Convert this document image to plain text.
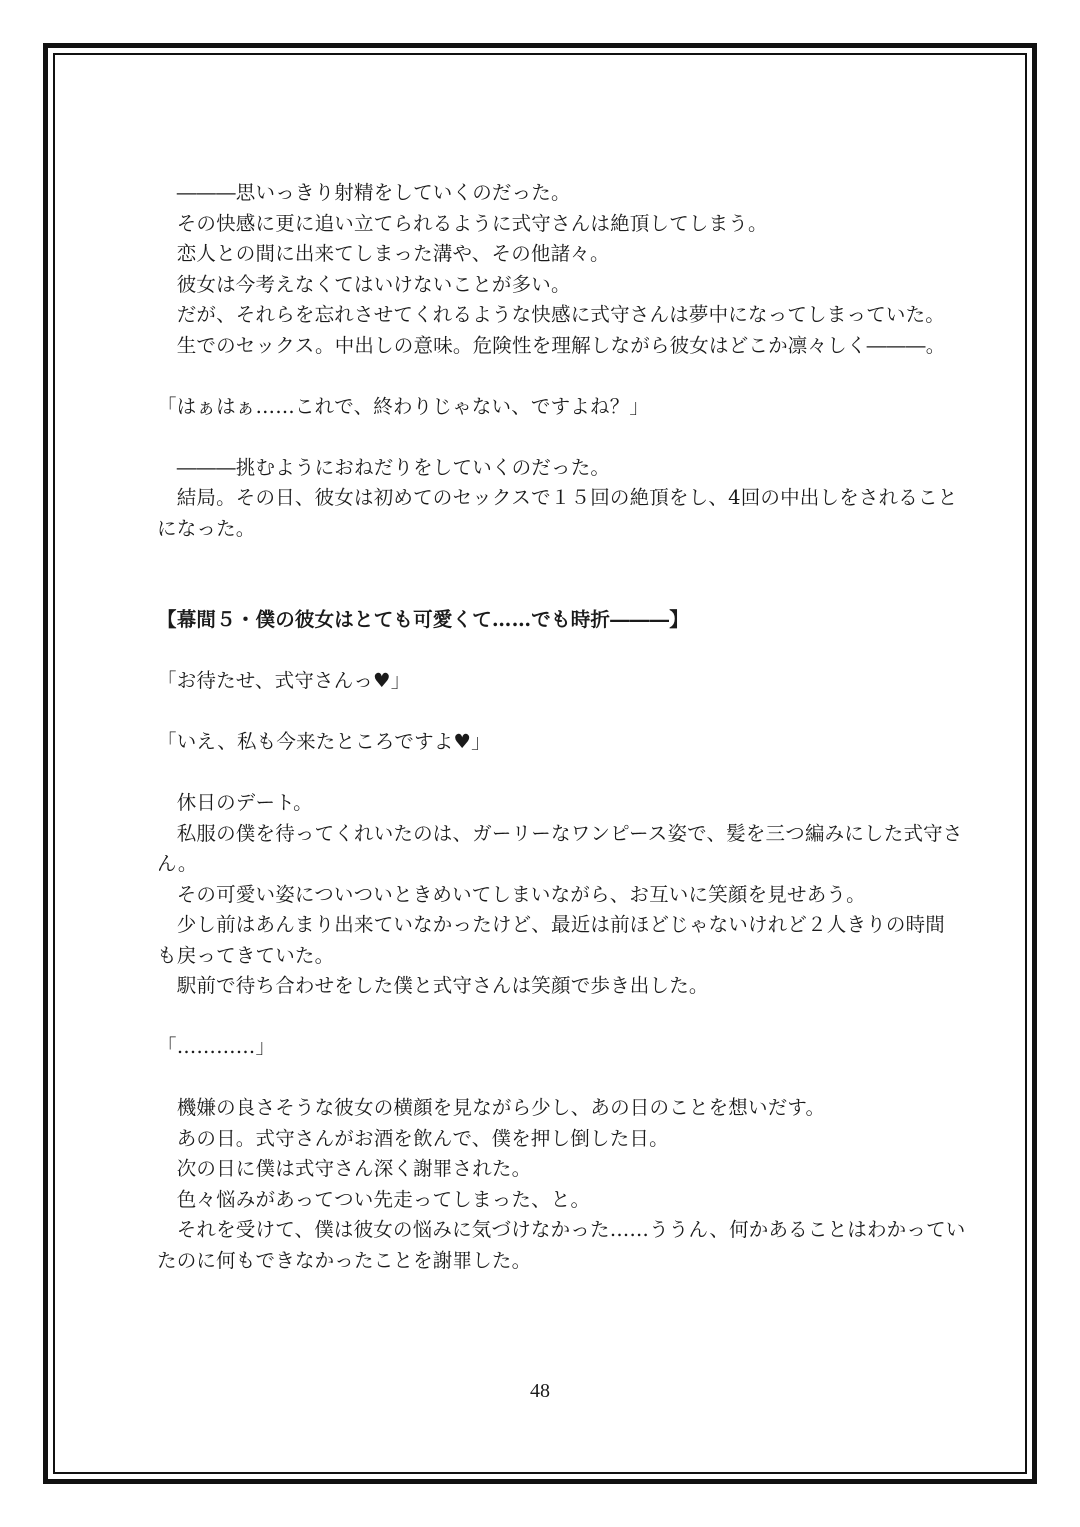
　―――思いっきり射精をしていくのだった。
　その快感に更に追い立てられるように式守さんは絶頂してしまう。
　恋人との間に出来てしまった溝や、その他諸々。
　彼女は今考えなくてはいけないことが多い。
　だが、それらを忘れさせてくれるような快感に式守さんは夢中になってしまっていた。
　生でのセックス。中出しの意味。危険性を理解しながら彼女はどこか凛々しく―――。
「はぁはぁ……これで、終わりじゃない、ですよね？」
　―――挑むようにおねだりをしていくのだった。
　結局。その日、彼女は初めてのセックスで１５回の絶頂をし、4回の中出しをされること
になった。
【幕間５・僕の彼女はとても可愛くて……でも時折―――】
「お待たせ、式守さんっ♥」
「いえ、私も今来たところですよ♥」
　休日のデート。
　私服の僕を待ってくれいたのは、ガーリーなワンピース姿で、髪を三つ編みにした式守さ
ん。
　その可愛い姿についついときめいてしまいながら、お互いに笑顔を見せあう。
　少し前はあんまり出来ていなかったけど、最近は前ほどじゃないけれど２人きりの時間
も戻ってきていた。
　駅前で待ち合わせをした僕と式守さんは笑顔で歩き出した。
「…………」
　機嫌の良さそうな彼女の横顔を見ながら少し、あの日のことを想いだす。
　あの日。式守さんがお酒を飲んで、僕を押し倒した日。
　次の日に僕は式守さん深く謝罪された。
　色々悩みがあってつい先走ってしまった、と。
　それを受けて、僕は彼女の悩みに気づけなかった……ううん、何かあることはわかってい
たのに何もできなかったことを謝罪した。
48
